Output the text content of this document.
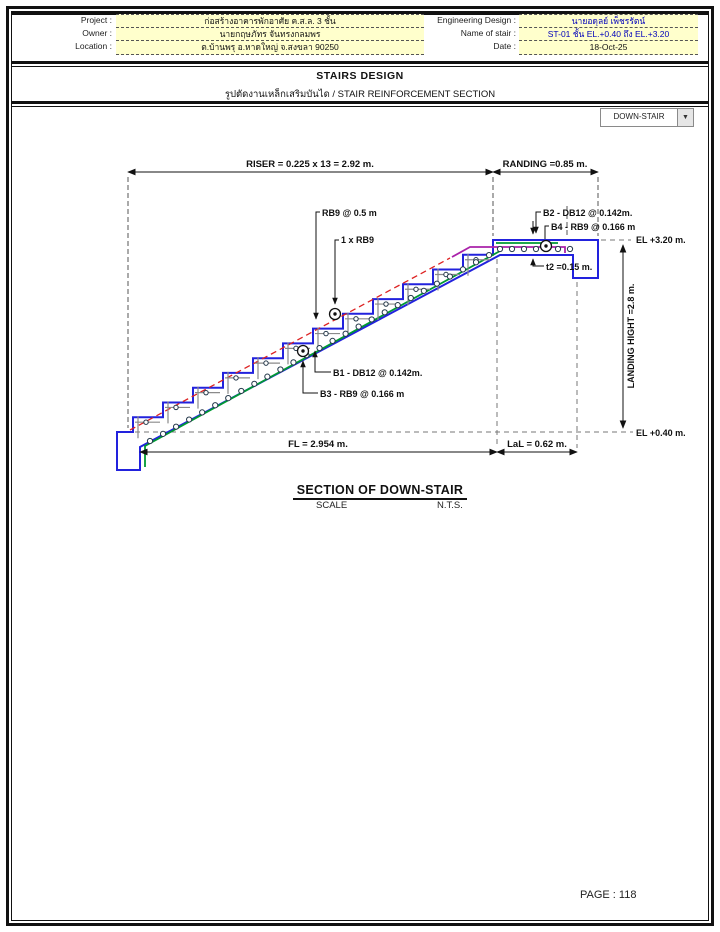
Project :	ก่อสร้างอาคารพักอาศัย ค.ส.ล. 3 ชั้น
Owner :	นายกฤษภัทร จันทรงกลมพร
Location :	ต.บ้านพรุ อ.หาดใหญ่ จ.สงขลา 90250
Engineering Design :	นายอดุลย์ เพ็ชรรัตน์
Name of stair :	ST-01 ชั้น EL.+0.40 ถึง EL.+3.20
Date :	18-Oct-25
STAIRS DESIGN
รูปตัดงานเหล็กเสริมบันได / STAIR REINFORCEMENT SECTION
DOWN-STAIR	▼
RISER = 0.225 x 13 = 2.92 m.	RANDING =0.85 m.
RB9 @ 0.5 m
1 x RB9
B2 - DB12 @ 0.142m.
B4 - RB9 @ 0.166 m
t2 =0.15 m.
B1 - DB12 @ 0.142m.
B3 - RB9 @ 0.166 m
EL +3.20 m.
EL +0.40 m.
LANDING HIGHT =2.8 m.
FL = 2.954 m.	LaL = 0.62 m.
SECTION OF DOWN-STAIR
SCALE	N.T.S.
PAGE : 118
